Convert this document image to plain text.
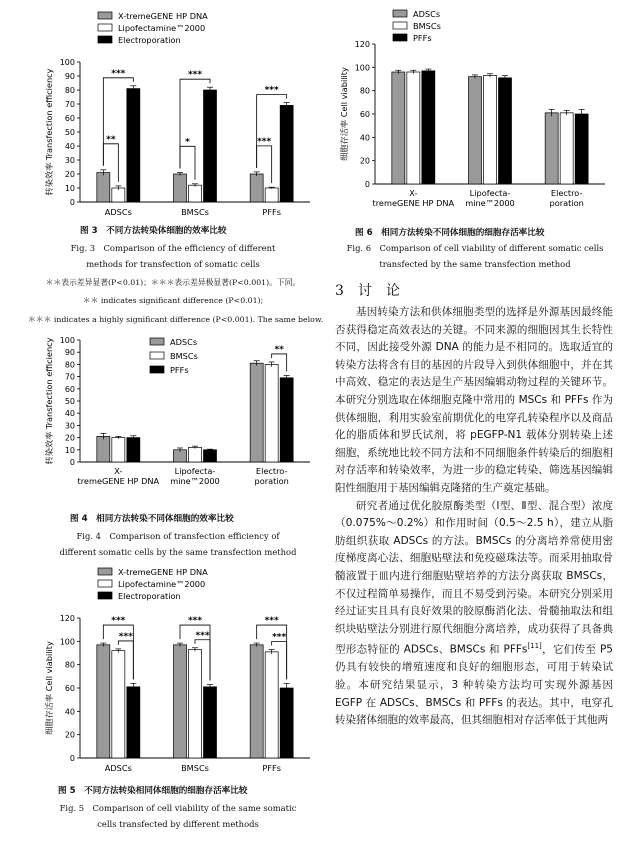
X-tremeGENE HP DNA
Lipofectamine™2000
Electroporation
0
10
20
30
40
50
60
70
80
90
100
转染效率 Transfection efficiency
ADSCs	BMSCs	PFFs
**
***
*
***
***
***
图 3　不同方法转染体细胞的效率比较
Fig. 3　Comparison of the efficiency of different methods for transfection of somatic cells
＊＊表示差异显著(P<0.01)；＊＊＊表示差异极显著(P<0.001)。下同。
＊＊ indicates significant difference (P<0.01);
＊＊＊ indicates a highly significant difference (P<0.001). The same below.
ADSCs
BMSCs
PFFs
0
10
20
30
40
50
60
70
80
90
100
转染效率 Transfection efficiency
X-
tremeGENE HP DNA
Lipofecta-
mine™2000
Electro-
poration
**
图 4　相同方法转染不同体细胞的效率比较
Fig. 4　Comparison of transfection efficiency of different somatic cells by the same transfection method
X-tremeGENE HP DNA
Lipofectamine™2000
Electroporation
0
20
40
60
80
100
120
细胞存活率 Cell viability
ADSCs	BMSCs	PFFs
***
***
***
***
***
***
图 5　不同方法转染相同体细胞的细胞存活率比较
Fig. 5　Comparison of cell viability of the same somatic cells transfected by different methods
ADSCs
BMSCs
PFFs
0
20
40
60
80
100
120
细胞存活率 Cell viability
X-
tremeGENE HP DNA
Lipofecta-
mine™2000
Electro-
poration
图 6　相同方法转染不同体细胞的细胞存活率比较
Fig. 6　Comparison of cell viability of different somatic cells transfected by the same transfection method
3　讨　论

基因转染方法和供体细胞类型的选择是外源基因最终能否获得稳定高效表达的关键。不同来源的细胞因其生长特性不同，因此接受外源 DNA 的能力是不相同的。选取适宜的转染方法将含有目的基因的片段导入到供体细胞中，并在其中高效、稳定的表达是生产基因编辑动物过程的关键环节。本研究分别选取在体细胞克隆中常用的 MSCs 和 PFFs 作为供体细胞，利用实验室前期优化的电穿孔转染程序以及商品化的脂质体和罗氏试剂，将 pEGFP-N1 载体分别转染上述细胞，系统地比较不同方法和不同细胞条件转染后的细胞相对存活率和转染效率，为进一步的稳定转染、筛选基因编辑阳性细胞用于基因编辑克隆猪的生产奠定基础。

研究者通过优化胶原酶类型（Ⅰ型、Ⅱ型、混合型）浓度（0.075%～0.2%）和作用时间（0.5～2.5 h），建立从脂肪组织获取 ADSCs 的方法。BMSCs 的分离培养常使用密度梯度离心法、细胞贴壁法和免疫磁珠法等。而采用抽取骨髓液置于皿内进行细胞贴壁培养的方法分离获取 BMSCs，不仅过程简单易操作，而且不易受到污染。本研究分别采用经过证实且具有良好效果的胶原酶消化法、骨髓抽取法和组织块贴壁法分别进行原代细胞分离培养，成功获得了具备典型形态特征的 ADSCs、BMSCs 和 PFFs[11]，它们传至 P5 仍具有较快的增殖速度和良好的细胞形态，可用于转染试验。本研究结果显示，3 种转染方法均可实现外源基因 EGFP 在 ADSCs、BMSCs 和 PFFs 的表达。其中，电穿孔转染猪体细胞的效率最高，但其细胞相对存活率低于其他两
